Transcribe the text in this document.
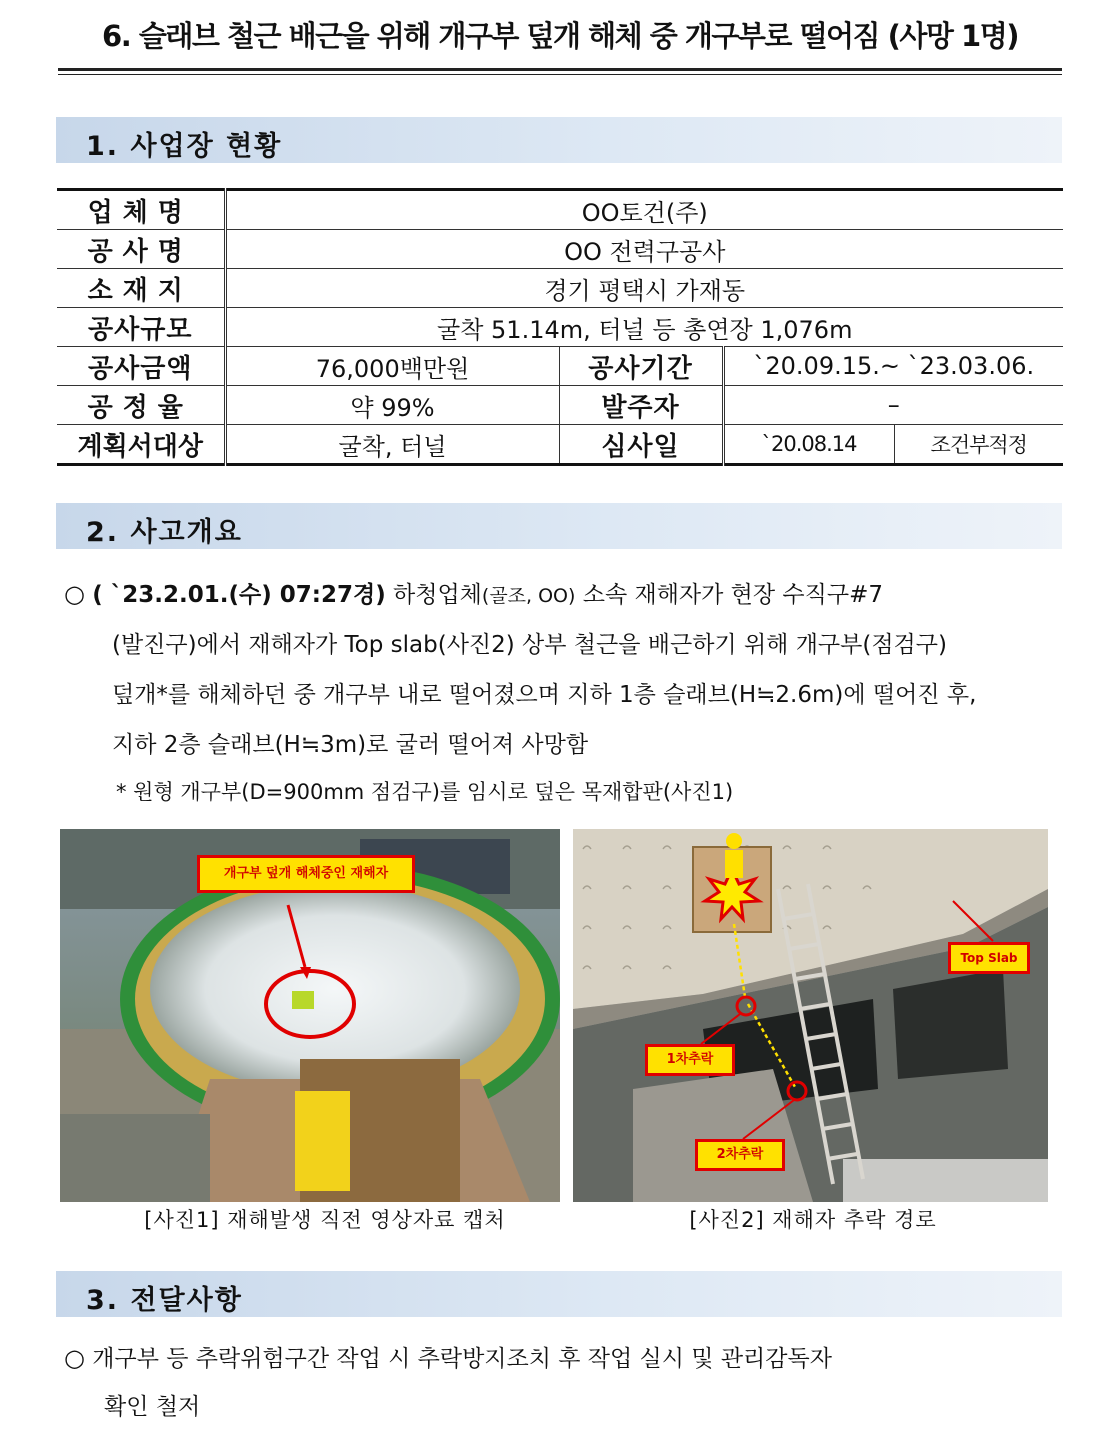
6. 슬래브 철근 배근을 위해 개구부 덮개 해체 중 개구부로 떨어짐 (사망 1명)
1. 사업장 현황
업체명	OO토건(주)			
공사명	OO 전력구공사			
소재지	경기 평택시 가재동			
공사규모	굴착 51.14m, 터널 등 총연장 1,076m			
공사금액	76,000백만원	공사기간	`20.09.15.~ `23.03.06.	
공정율	약 99%	발주자	–	
계획서대상	굴착, 터널	심사일	`20.08.14	조건부적정
2. 사고개요
○ ( `23.2.01.(수) 07:27경) 하청업체(골조, OO) 소속 재해자가 현장 수직구#7
(발진구)에서 재해자가 Top slab(사진2) 상부 철근을 배근하기 위해 개구부(점검구)
덮개*를 해체하던 중 개구부 내로 떨어졌으며 지하 1층 슬래브(H≒2.6m)에 떨어진 후,
지하 2층 슬래브(H≒3m)로 굴러 떨어져 사망함
* 원형 개구부(D=900mm 점검구)를 임시로 덮은 목재합판(사진1)
개구부 덮개 해체중인 재해자
[사진1] 재해발생 직전 영상자료 캡처
Top Slab
1차추락
2차추락
[사진2] 재해자 추락 경로
3. 전달사항
○ 개구부 등 추락위험구간 작업 시 추락방지조치 후 작업 실시 및 관리감독자
확인 철저
